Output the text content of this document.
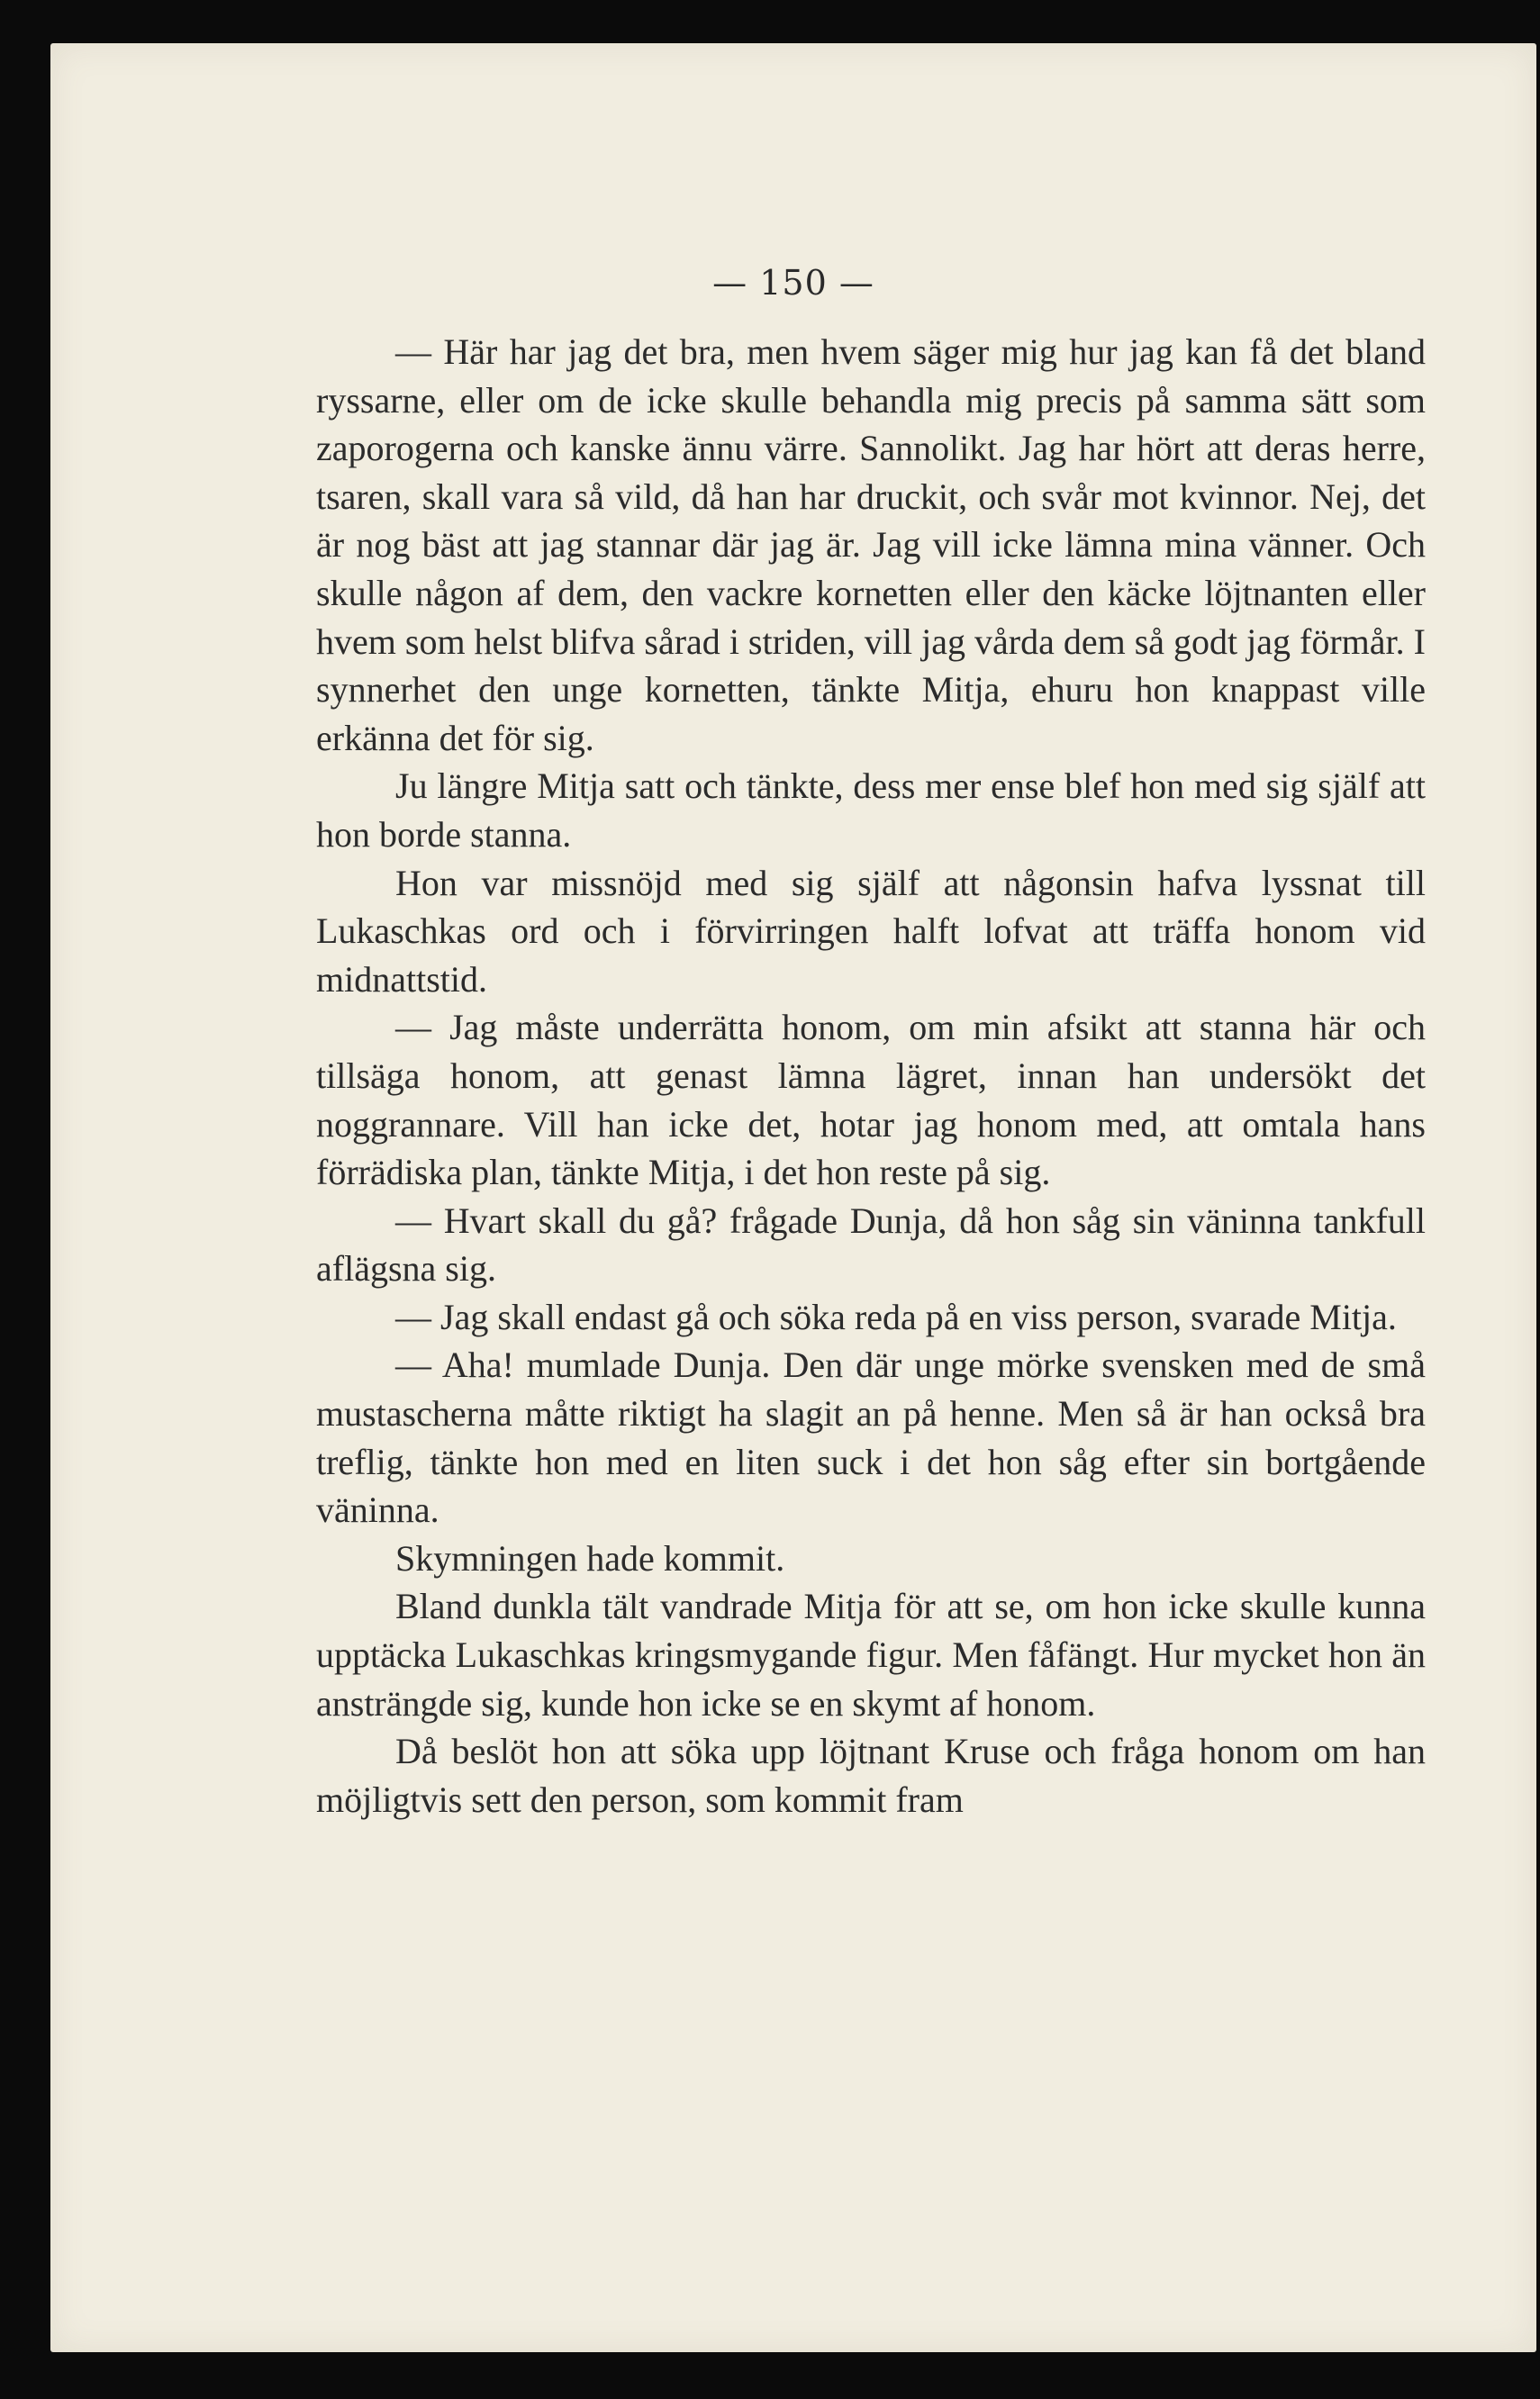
— 150 —

— Här har jag det bra, men hvem säger mig hur jag kan få det bland ryssarne, eller om de icke skulle behandla mig precis på samma sätt som zaporogerna och kanske ännu värre. Sannolikt. Jag har hört att deras herre, tsaren, skall vara så vild, då han har druckit, och svår mot kvinnor. Nej, det är nog bäst att jag stannar där jag är. Jag vill icke lämna mina vänner. Och skulle någon af dem, den vackre kornetten eller den käcke löjtnanten eller hvem som helst blifva sårad i striden, vill jag vårda dem så godt jag förmår. I synnerhet den unge kornetten, tänkte Mitja, ehuru hon knappast ville erkänna det för sig.

Ju längre Mitja satt och tänkte, dess mer ense blef hon med sig själf att hon borde stanna.

Hon var missnöjd med sig själf att någonsin hafva lyssnat till Lukaschkas ord och i förvirringen halft lofvat att träffa honom vid midnattstid.

— Jag måste underrätta honom, om min afsikt att stanna här och tillsäga honom, att genast lämna lägret, innan han undersökt det noggrannare. Vill han icke det, hotar jag honom med, att omtala hans förrädiska plan, tänkte Mitja, i det hon reste på sig.

— Hvart skall du gå? frågade Dunja, då hon såg sin väninna tankfull aflägsna sig.

— Jag skall endast gå och söka reda på en viss person, svarade Mitja.

— Aha! mumlade Dunja. Den där unge mörke svensken med de små mustascherna måtte riktigt ha slagit an på henne. Men så är han också bra treflig, tänkte hon med en liten suck i det hon såg efter sin bortgående väninna.

Skymningen hade kommit.

Bland dunkla tält vandrade Mitja för att se, om hon icke skulle kunna upptäcka Lukaschkas kringsmygande figur. Men fåfängt. Hur mycket hon än ansträngde sig, kunde hon icke se en skymt af honom.

Då beslöt hon att söka upp löjtnant Kruse och fråga honom om han möjligtvis sett den person, som kommit fram
